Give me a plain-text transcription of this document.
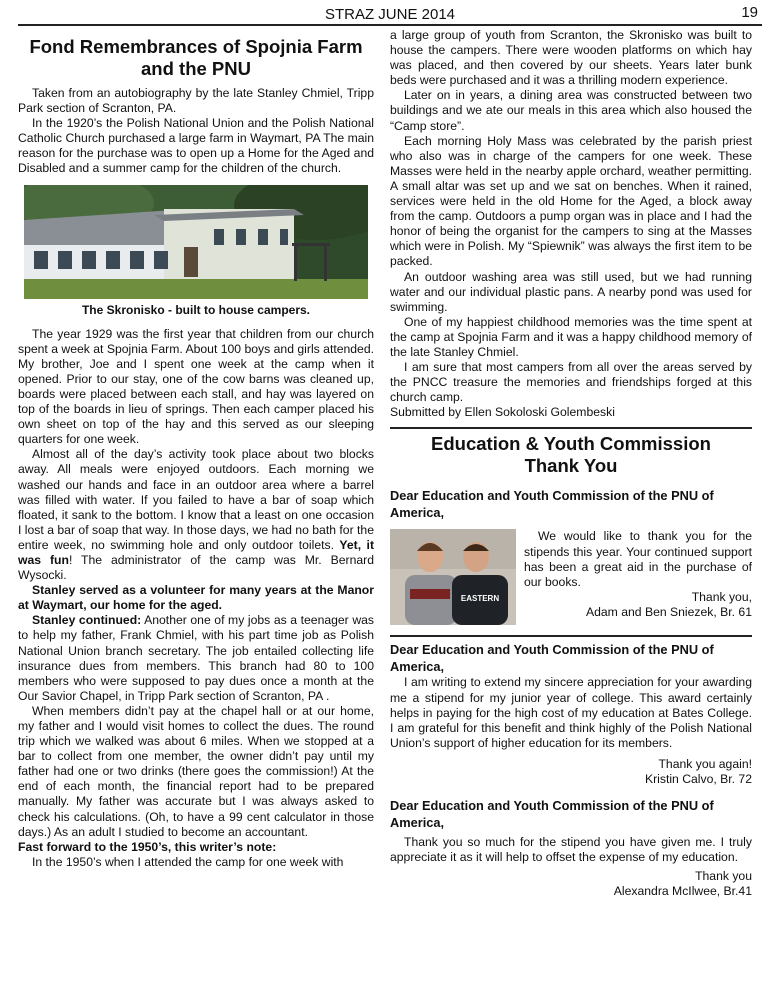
STRAZ JUNE 2014	19
Fond Remembrances of Spojnia Farm and the PNU

Taken from an autobiography by the late Stanley Chmiel, Tripp Park section of Scranton, PA.

In the 1920’s the Polish National Union and the Polish National Catholic Church purchased a large farm in Waymart, PA The main reason for the purchase was to open up a Home for the Aged and Disabled and a summer camp for the children of the church.

The Skronisko - built to house campers.

The year 1929 was the first year that children from our church spent a week at Spojnia Farm. About 100 boys and girls attended. My brother, Joe and I spent one week at the camp when it opened. Prior to our stay, one of the cow barns was cleaned up, boards were placed between each stall, and hay was layered on top of the boards in lieu of springs. Then each camper placed his own sheet on top of the hay and this served as our sleeping quarters for one week.

Almost all of the day’s activity took place about two blocks away. All meals were enjoyed outdoors. Each morning we washed our hands and face in an outdoor area where a barrel was filled with water. If you failed to have a bar of soap which floated, it sank to the bottom. I know that a least on one occasion I lost a bar of soap that way. In those days, we had no bath for the entire week, no swimming hole and only outdoor toilets. Yet, it was fun! The administrator of the camp was Mr. Bernard Wysocki.

Stanley served as a volunteer for many years at the Manor at Waymart, our home for the aged.

Stanley continued: Another one of my jobs as a teenager was to help my father, Frank Chmiel, with his part time job as Polish National Union branch secretary. The job entailed collecting life insurance dues from members. This branch had 80 to 100 members who were supposed to pay dues once a month at the Our Savior Chapel, in Tripp Park section of Scranton, PA .

When members didn’t pay at the chapel hall or at our home, my father and I would visit homes to collect the dues. The round trip which we walked was about 6 miles. When we stopped at a bar to collect from one member, the owner didn’t pay until my father had one or two drinks (there goes the commission!) At the end of each month, the financial report had to be prepared manually. My father was accurate but I was always asked to check his calculations. (Oh, to have a 99 cent calculator in those days.) As an adult I studied to become an accountant.

Fast forward to the 1950’s, this writer’s note:

In the 1950’s when I attended the camp for one week with

a large group of youth from Scranton, the Skronisko was built to house the campers. There were wooden platforms on which hay was placed, and then covered by our sheets. Years later bunk beds were purchased and it was a thrilling modern experience.

Later on in years, a dining area was constructed between two buildings and we ate our meals in this area which also housed the “Camp store”.

Each morning Holy Mass was celebrated by the parish priest who also was in charge of the campers for one week. These Masses were held in the nearby apple orchard, weather permitting. A small altar was set up and we sat on benches. When it rained, services were held in the old Home for the Aged, a block away from the camp. Outdoors a pump organ was in place and I had the honor of being the organist for the campers to sing at the Masses which were in Polish. My “Spiewnik” was always the first item to be packed.

An outdoor washing area was still used, but we had running water and our individual plastic pans. A nearby pond was used for swimming.

One of my happiest childhood memories was the time spent at the camp at Spojnia Farm and it was a happy childhood memory of the late Stanley Chmiel.

I am sure that most campers from all over the areas served by the PNCC treasure the memories and friendships forged at this church camp.

Submitted by Ellen Sokoloski Golembeski

Education & Youth Commission
Thank You
Dear Education and Youth Commission of the PNU of America,
EASTERN

We would like to thank you for the stipends this year. Your continued support has been a great aid in the purchase of our books.

Thank you,
Adam and Ben Sniezek, Br. 61
Dear Education and Youth Commission of the PNU of America,

I am writing to extend my sincere appreciation for your awarding me a stipend for my junior year of college. This award certainly helps in paying for the high cost of my education at Bates College. I am grateful for this benefit and think highly of the Polish National Union’s support of higher education for its members.

Thank you again!
Kristin Calvo, Br. 72
Dear Education and Youth Commission of the PNU of America,

Thank you so much for the stipend you have given me. I truly appreciate it as it will help to offset the expense of my education.

Thank you
Alexandra McIlwee, Br.41
